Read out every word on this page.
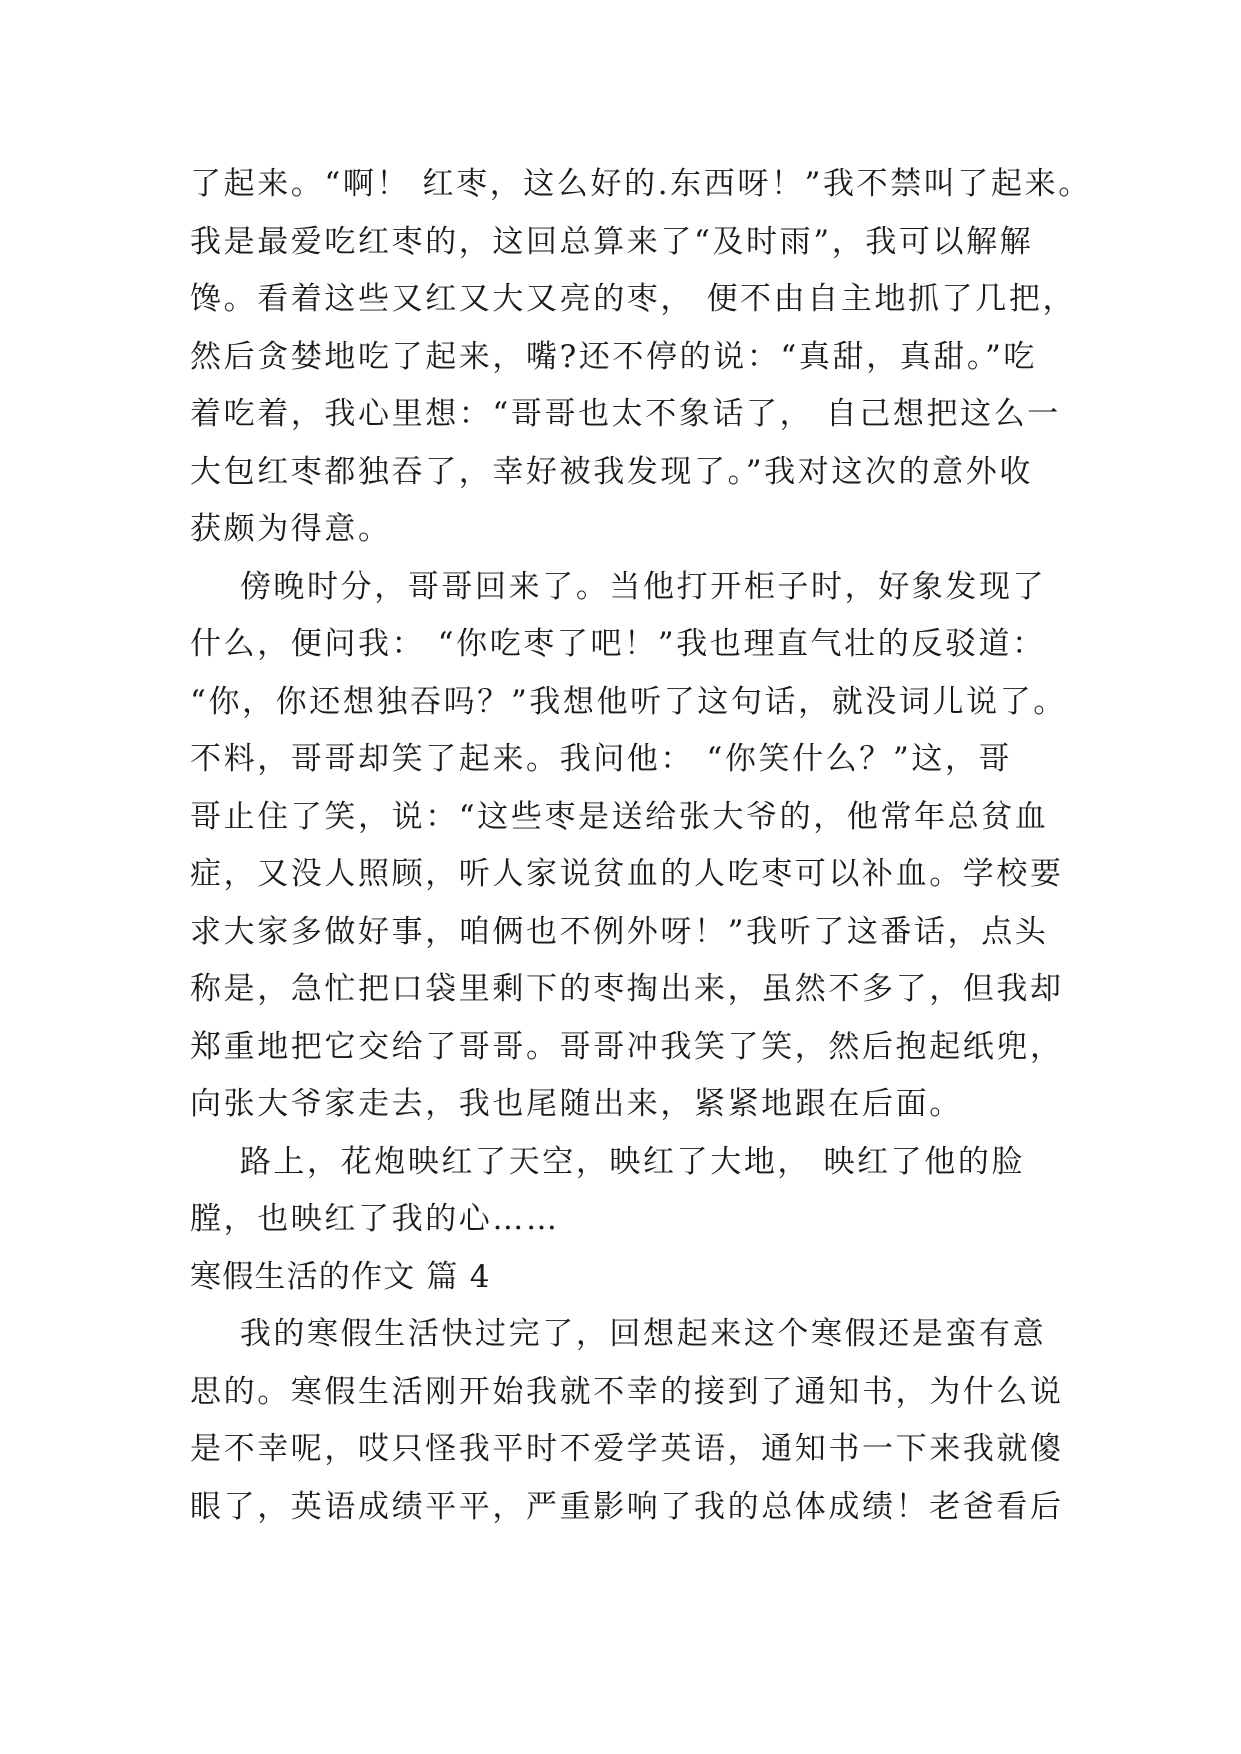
了起来。“啊！ 红枣，这么好的.东西呀！”我不禁叫了起来。
我是最爱吃红枣的，这回总算来了“及时雨”，我可以解解
馋。看着这些又红又大又亮的枣， 便不由自主地抓了几把，
然后贪婪地吃了起来，嘴?还不停的说：“真甜，真甜。”吃
着吃着，我心里想：“哥哥也太不象话了， 自己想把这么一
大包红枣都独吞了，幸好被我发现了。”我对这次的意外收
获颇为得意。
傍晚时分，哥哥回来了。当他打开柜子时，好象发现了
什么，便问我： “你吃枣了吧！”我也理直气壮的反驳道：
“你，你还想独吞吗？”我想他听了这句话，就没词儿说了。
不料，哥哥却笑了起来。我问他： “你笑什么？”这，哥
哥止住了笑，说：“这些枣是送给张大爷的，他常年总贫血
症，又没人照顾，听人家说贫血的人吃枣可以补血。学校要
求大家多做好事，咱俩也不例外呀！”我听了这番话，点头
称是，急忙把口袋里剩下的枣掏出来，虽然不多了，但我却
郑重地把它交给了哥哥。哥哥冲我笑了笑，然后抱起纸兜，
向张大爷家走去，我也尾随出来，紧紧地跟在后面。
路上，花炮映红了天空，映红了大地， 映红了他的脸
膛，也映红了我的心……
寒假生活的作文 篇 4
我的寒假生活快过完了，回想起来这个寒假还是蛮有意
思的。寒假生活刚开始我就不幸的接到了通知书，为什么说
是不幸呢，哎只怪我平时不爱学英语，通知书一下来我就傻
眼了，英语成绩平平，严重影响了我的总体成绩！老爸看后
